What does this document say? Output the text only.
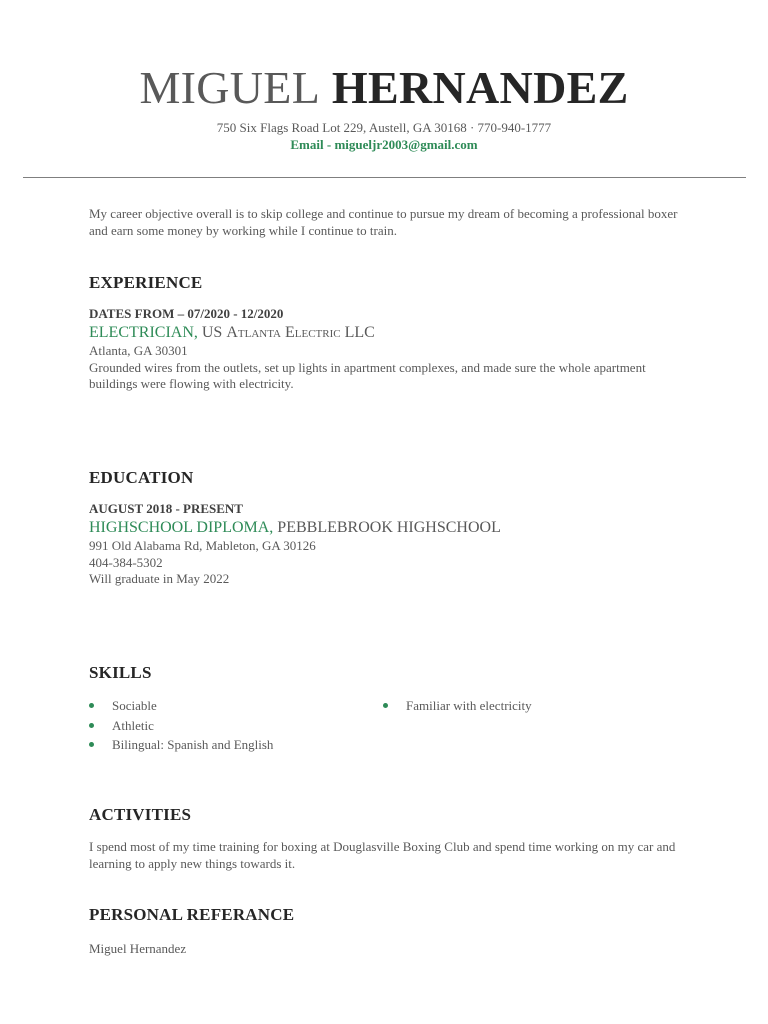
MIGUEL HERNANDEZ
750 Six Flags Road Lot 229, Austell, GA 30168 · 770-940-1777
Email - migueljr2003@gmail.com
My career objective overall is to skip college and continue to pursue my dream of becoming a professional boxer and earn some money by working while I continue to train.
EXPERIENCE
DATES FROM – 07/2020 - 12/2020
ELECTRICIAN, US Atlanta Electric LLC
Atlanta, GA 30301
Grounded wires from the outlets, set up lights in apartment complexes, and made sure the whole apartment buildings were flowing with electricity.
EDUCATION
AUGUST 2018 - PRESENT
HIGHSCHOOL DIPLOMA, PEBBLEBROOK HIGHSCHOOL
991 Old Alabama Rd, Mableton, GA 30126
404-384-5302
Will graduate in May 2022
SKILLS
Sociable
Athletic
Bilingual: Spanish and English
Familiar with electricity
ACTIVITIES
I spend most of my time training for boxing at Douglasville Boxing Club and spend time working on my car and learning to apply new things towards it.
PERSONAL REFERANCE
Miguel Hernandez
